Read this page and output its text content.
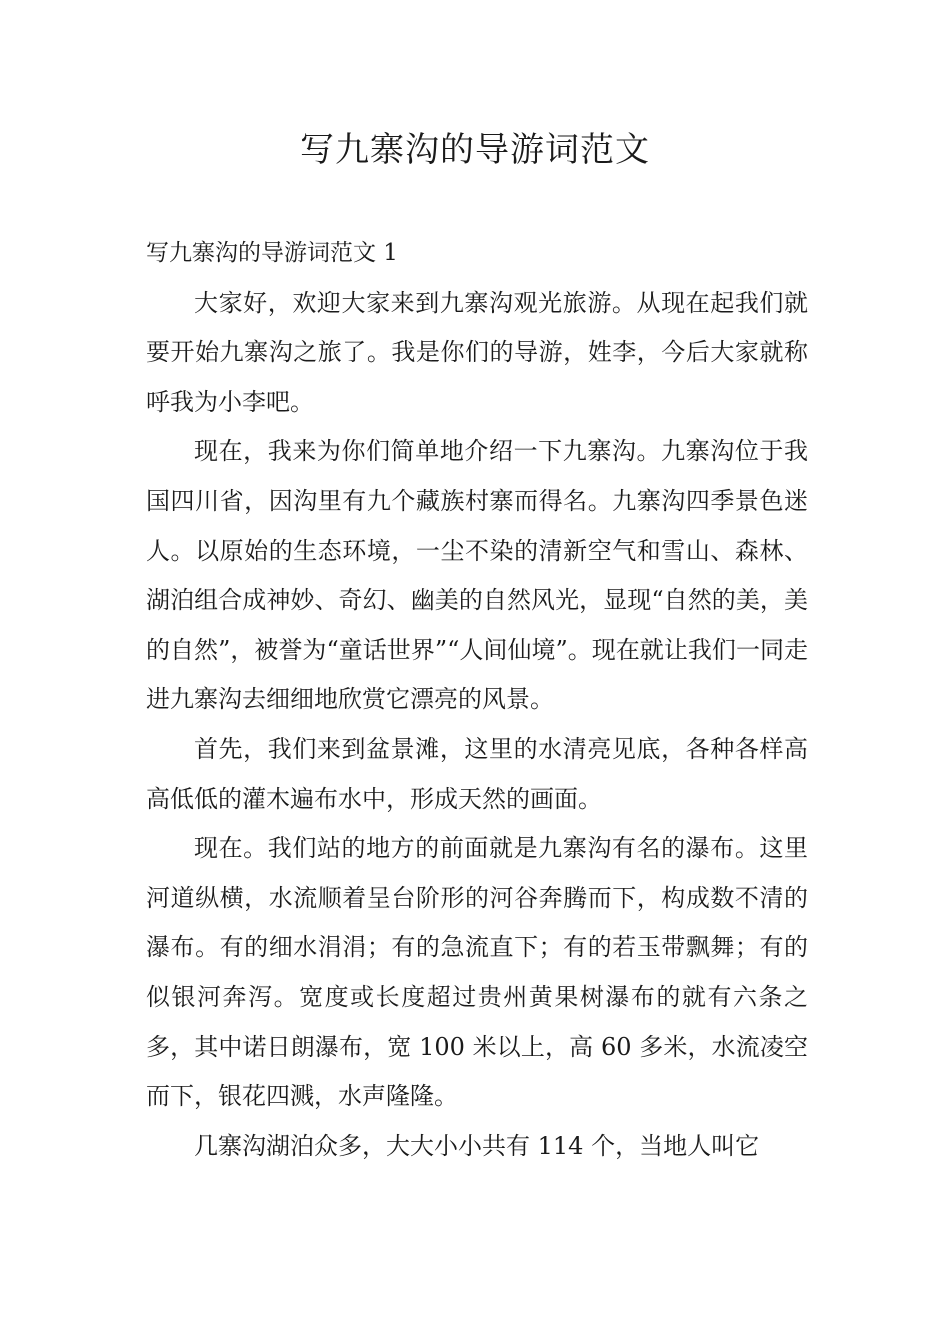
写九寨沟的导游词范文

写九寨沟的导游词范文 1

大家好，欢迎大家来到九寨沟观光旅游。从现在起我们就要开始九寨沟之旅了。我是你们的导游，姓李，今后大家就称呼我为小李吧。

现在，我来为你们简单地介绍一下九寨沟。九寨沟位于我国四川省，因沟里有九个藏族村寨而得名。九寨沟四季景色迷人。以原始的生态环境，一尘不染的清新空气和雪山、森林、湖泊组合成神妙、奇幻、幽美的自然风光，显现“自然的美，美的自然”，被誉为“童话世界”“人间仙境”。现在就让我们一同走进九寨沟去细细地欣赏它漂亮的风景。

首先，我们来到盆景滩，这里的水清亮见底，各种各样高高低低的灌木遍布水中，形成天然的画面。

现在。我们站的地方的前面就是九寨沟有名的瀑布。这里河道纵横，水流顺着呈台阶形的河谷奔腾而下，构成数不清的瀑布。有的细水涓涓；有的急流直下；有的若玉带飘舞；有的似银河奔泻。宽度或长度超过贵州黄果树瀑布的就有六条之多，其中诺日朗瀑布，宽 100 米以上，高 60 多米，水流凌空而下，银花四溅，水声隆隆。

几寨沟湖泊众多，大大小小共有 114 个，当地人叫它
